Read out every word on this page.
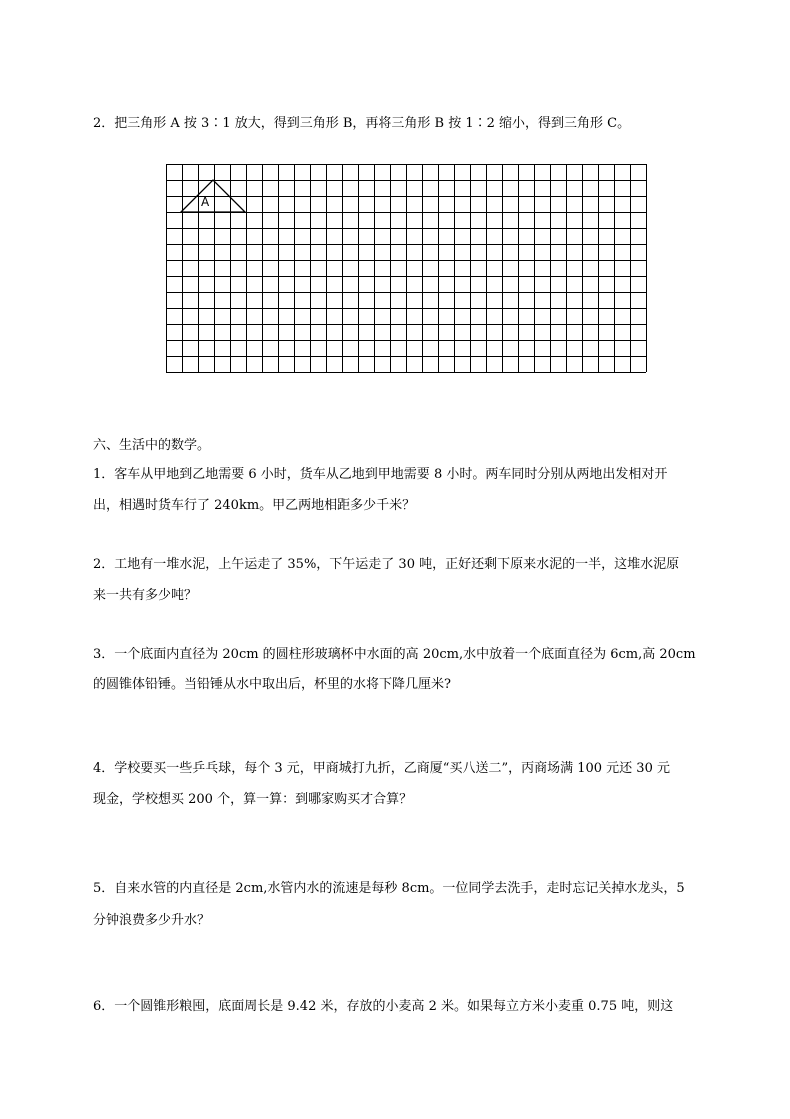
2．把三角形 A 按 3∶1 放大，得到三角形 B，再将三角形 B 按 1∶2 缩小，得到三角形 C。
A
六、生活中的数学。
1．客车从甲地到乙地需要 6 小时，货车从乙地到甲地需要 8 小时。两车同时分别从两地出发相对开
出，相遇时货车行了 240km。甲乙两地相距多少千米？
2．工地有一堆水泥，上午运走了 35%，下午运走了 30 吨，正好还剩下原来水泥的一半，这堆水泥原
来一共有多少吨？
3．一个底面内直径为 20cm 的圆柱形玻璃杯中水面的高 20cm,水中放着一个底面直径为 6cm,高 20cm
的圆锥体铅锤。当铅锤从水中取出后，杯里的水将下降几厘米?
4．学校要买一些乒乓球，每个 3 元，甲商城打九折，乙商厦“买八送二”，丙商场满 100 元还 30 元
现金，学校想买 200 个，算一算：到哪家购买才合算？
5．自来水管的内直径是 2cm,水管内水的流速是每秒 8cm。一位同学去洗手，走时忘记关掉水龙头，5
分钟浪费多少升水？
6．一个圆锥形粮囤，底面周长是 9.42 米，存放的小麦高 2 米。如果每立方米小麦重 0.75 吨，则这
